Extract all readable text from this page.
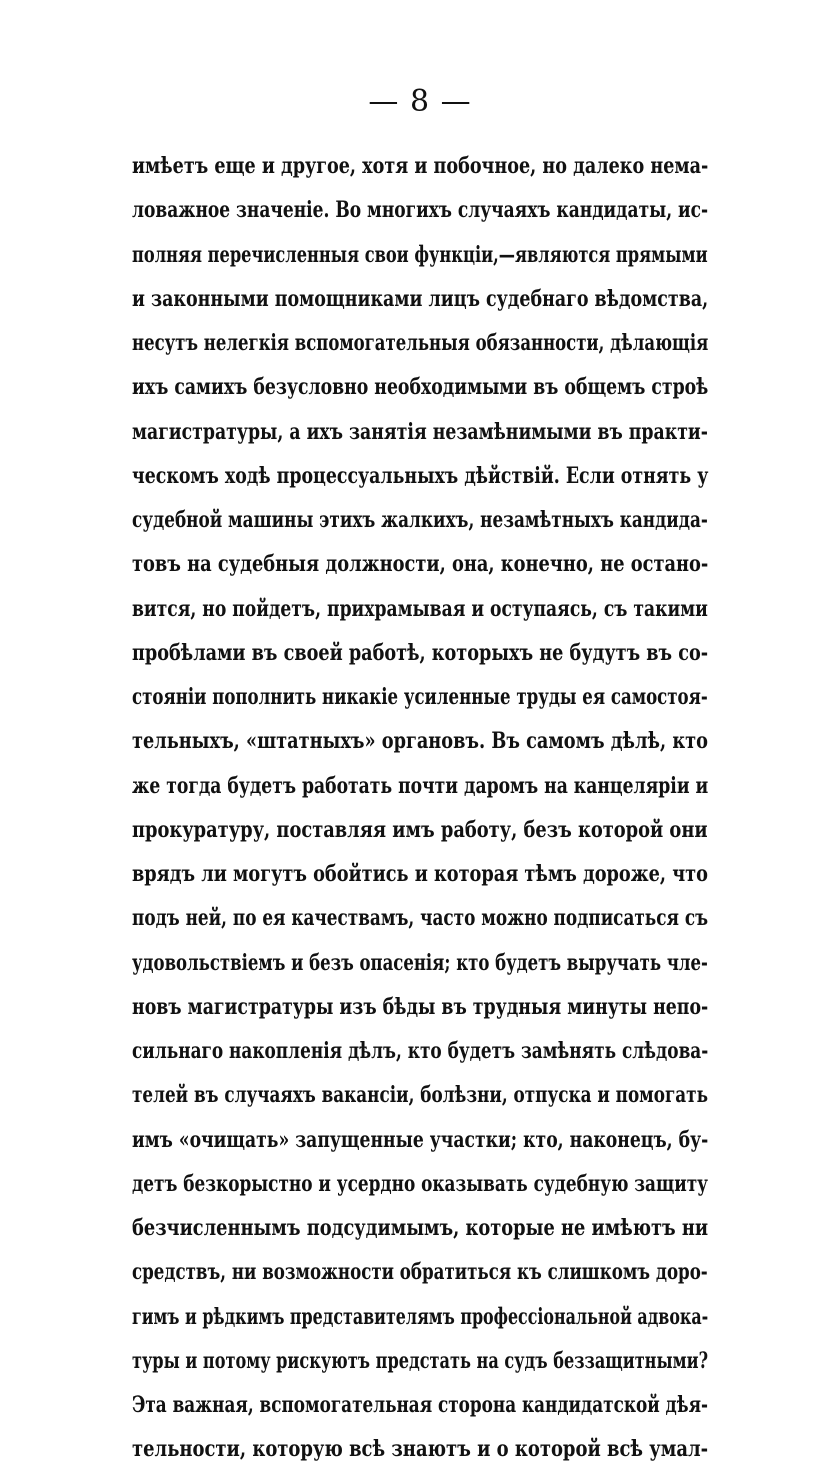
— 8 —
имѣетъ еще и другое, хотя и побочное, но далеко нема-
ловажное значеніе. Во многихъ случаяхъ кандидаты, ис-
полняя перечисленныя свои функціи,—являются прямыми
и законными помощниками лицъ судебнаго вѣдомства,
несутъ нелегкія вспомогательныя обязанности, дѣлающія
ихъ самихъ безусловно необходимыми въ общемъ строѣ
магистратуры, а ихъ занятія незамѣнимыми въ практи-
ческомъ ходѣ процессуальныхъ дѣйствій. Если отнять у
судебной машины этихъ жалкихъ, незамѣтныхъ кандида-
товъ на судебныя должности, она, конечно, не остано-
вится, но пойдетъ, прихрамывая и оступаясь, съ такими
пробѣлами въ своей работѣ, которыхъ не будутъ въ со-
стояніи пополнить никакіе усиленные труды ея самостоя-
тельныхъ, «штатныхъ» органовъ. Въ самомъ дѣлѣ, кто
же тогда будетъ работать почти даромъ на канцеляріи и
прокуратуру, поставляя имъ работу, безъ которой они
врядъ ли могутъ обойтись и которая тѣмъ дороже, что
подъ ней, по ея качествамъ, часто можно подписаться съ
удовольствіемъ и безъ опасенія; кто будетъ выручать чле-
новъ магистратуры изъ бѣды въ трудныя минуты непо-
сильнаго накопленія дѣлъ, кто будетъ замѣнять слѣдова-
телей въ случаяхъ вакансіи, болѣзни, отпуска и помогать
имъ «очищать» запущенные участки; кто, наконецъ, бу-
детъ безкорыстно и усердно оказывать судебную защиту
безчисленнымъ подсудимымъ, которые не имѣютъ ни
средствъ, ни возможности обратиться къ слишкомъ доро-
гимъ и рѣдкимъ представителямъ профессіональной адвока-
туры и потому рискуютъ предстать на судъ беззащитными?
Эта важная, вспомогательная сторона кандидатской дѣя-
тельности, которую всѣ знаютъ и о которой всѣ умал-
